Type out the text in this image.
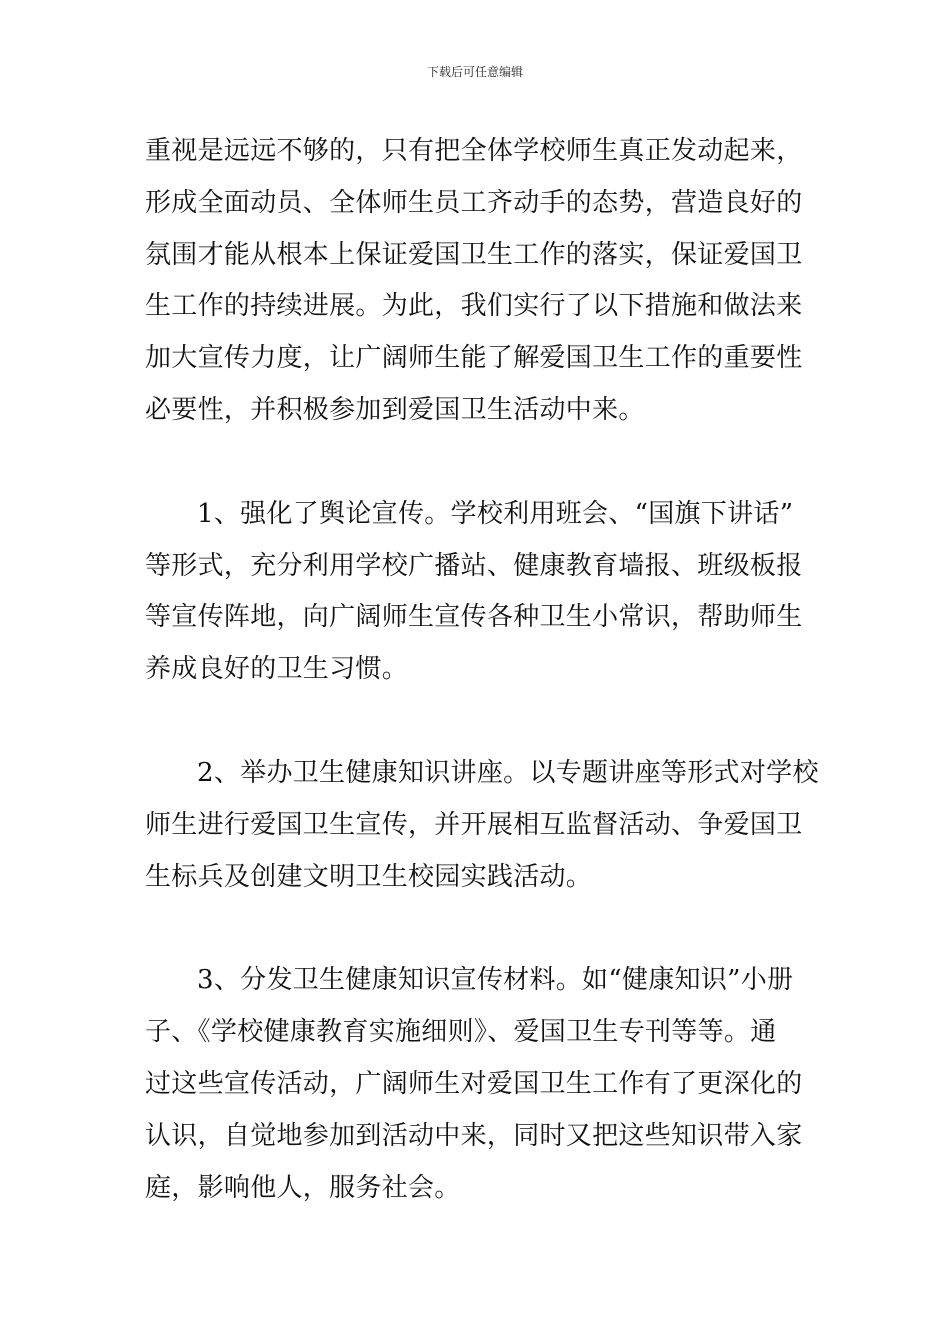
下载后可任意编辑

重视是远远不够的，只有把全体学校师生真正发动起来，
形成全面动员、全体师生员工齐动手的态势，营造良好的
氛围才能从根本上保证爱国卫生工作的落实，保证爱国卫
生工作的持续进展。为此，我们实行了以下措施和做法来
加大宣传力度，让广阔师生能了解爱国卫生工作的重要性
必要性，并积极参加到爱国卫生活动中来。

1、强化了舆论宣传。学校利用班会、“国旗下讲话”
等形式，充分利用学校广播站、健康教育墙报、班级板报
等宣传阵地，向广阔师生宣传各种卫生小常识，帮助师生
养成良好的卫生习惯。

2、举办卫生健康知识讲座。以专题讲座等形式对学校
师生进行爱国卫生宣传，并开展相互监督活动、争爱国卫
生标兵及创建文明卫生校园实践活动。

3、分发卫生健康知识宣传材料。如“健康知识”小册
子、《学校健康教育实施细则》、爱国卫生专刊等等。通
过这些宣传活动，广阔师生对爱国卫生工作有了更深化的
认识，自觉地参加到活动中来，同时又把这些知识带入家
庭，影响他人，服务社会。
